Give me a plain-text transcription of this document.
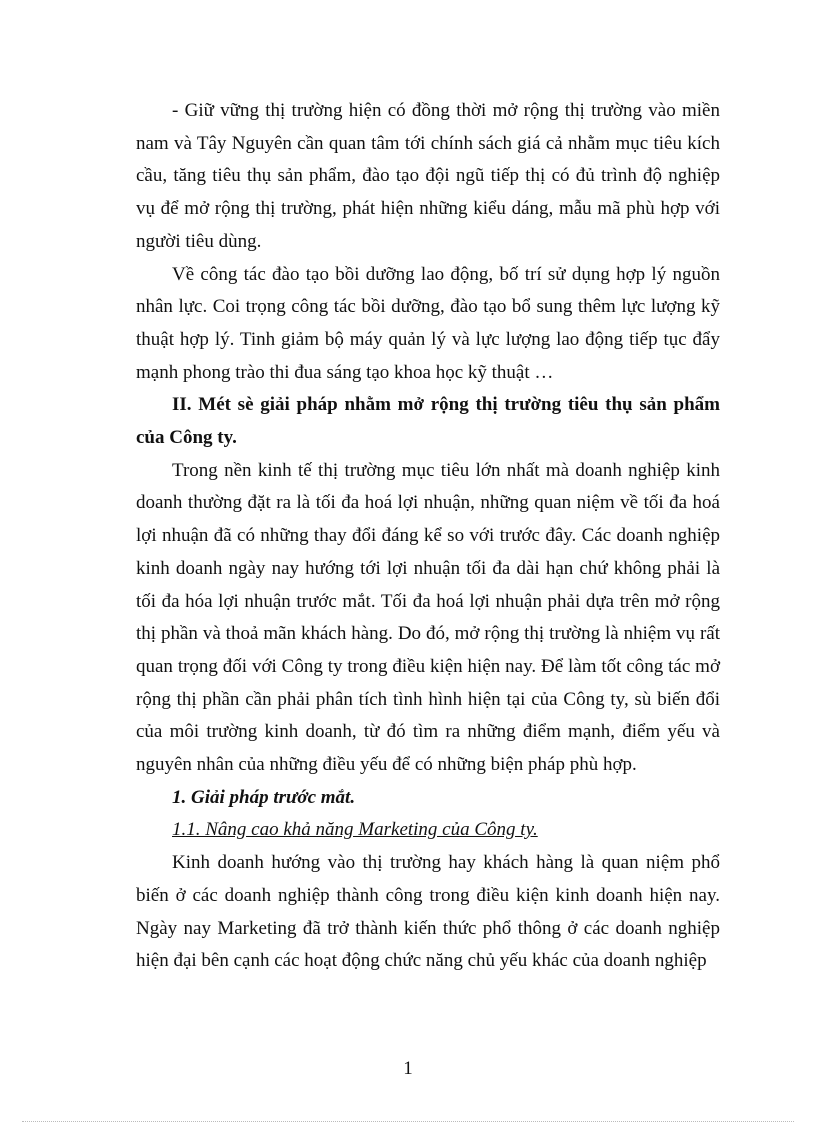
- Giữ vững thị trường hiện có đồng thời mở rộng thị trường vào miền nam và Tây Nguyên cần quan tâm tới chính sách giá cả nhằm mục tiêu kích cầu, tăng tiêu thụ sản phẩm, đào tạo đội ngũ tiếp thị có đủ trình độ nghiệp vụ để mở rộng thị trường, phát hiện những kiểu dáng, mẫu mã phù hợp với người tiêu dùng.

Về công tác đào tạo bồi dưỡng lao động, bố trí sử dụng hợp lý nguồn nhân lực. Coi trọng công tác bồi dưỡng, đào tạo bổ sung thêm lực lượng kỹ thuật hợp lý. Tinh giảm bộ máy quản lý và lực lượng lao động tiếp tục đẩy mạnh phong trào thi đua sáng tạo khoa học kỹ thuật …

II. Mét sè giải pháp nhằm mở rộng thị trường tiêu thụ sản phẩm của Công ty.

Trong nền kinh tế thị trường mục tiêu lớn nhất mà doanh nghiệp kinh doanh thường đặt ra là tối đa hoá lợi nhuận, những quan niệm về tối đa hoá lợi nhuận đã có những thay đổi đáng kể so với trước đây. Các doanh nghiệp kinh doanh ngày nay hướng tới lợi nhuận tối đa dài hạn chứ không phải là tối đa hóa lợi nhuận trước mắt. Tối đa hoá lợi nhuận phải dựa trên mở rộng thị phần và thoả mãn khách hàng. Do đó, mở rộng thị trường là nhiệm vụ rất quan trọng đối với Công ty trong điều kiện hiện nay. Để làm tốt công tác mở rộng thị phần cần phải phân tích tình hình hiện tại của Công ty, sù biến đổi của môi trường kinh doanh, từ đó tìm ra những điểm mạnh, điểm yếu và nguyên nhân của những điều yếu để có những biện pháp phù hợp.

1. Giải pháp trước mắt.

1.1. Nâng cao khả năng Marketing của Công ty.

Kinh doanh hướng vào thị trường hay khách hàng là quan niệm phổ biến ở các doanh nghiệp thành công trong điều kiện kinh doanh hiện nay. Ngày nay Marketing đã trở thành kiến thức phổ thông ở các doanh nghiệp hiện đại bên cạnh các hoạt động chức năng chủ yếu khác của doanh nghiệp

1
